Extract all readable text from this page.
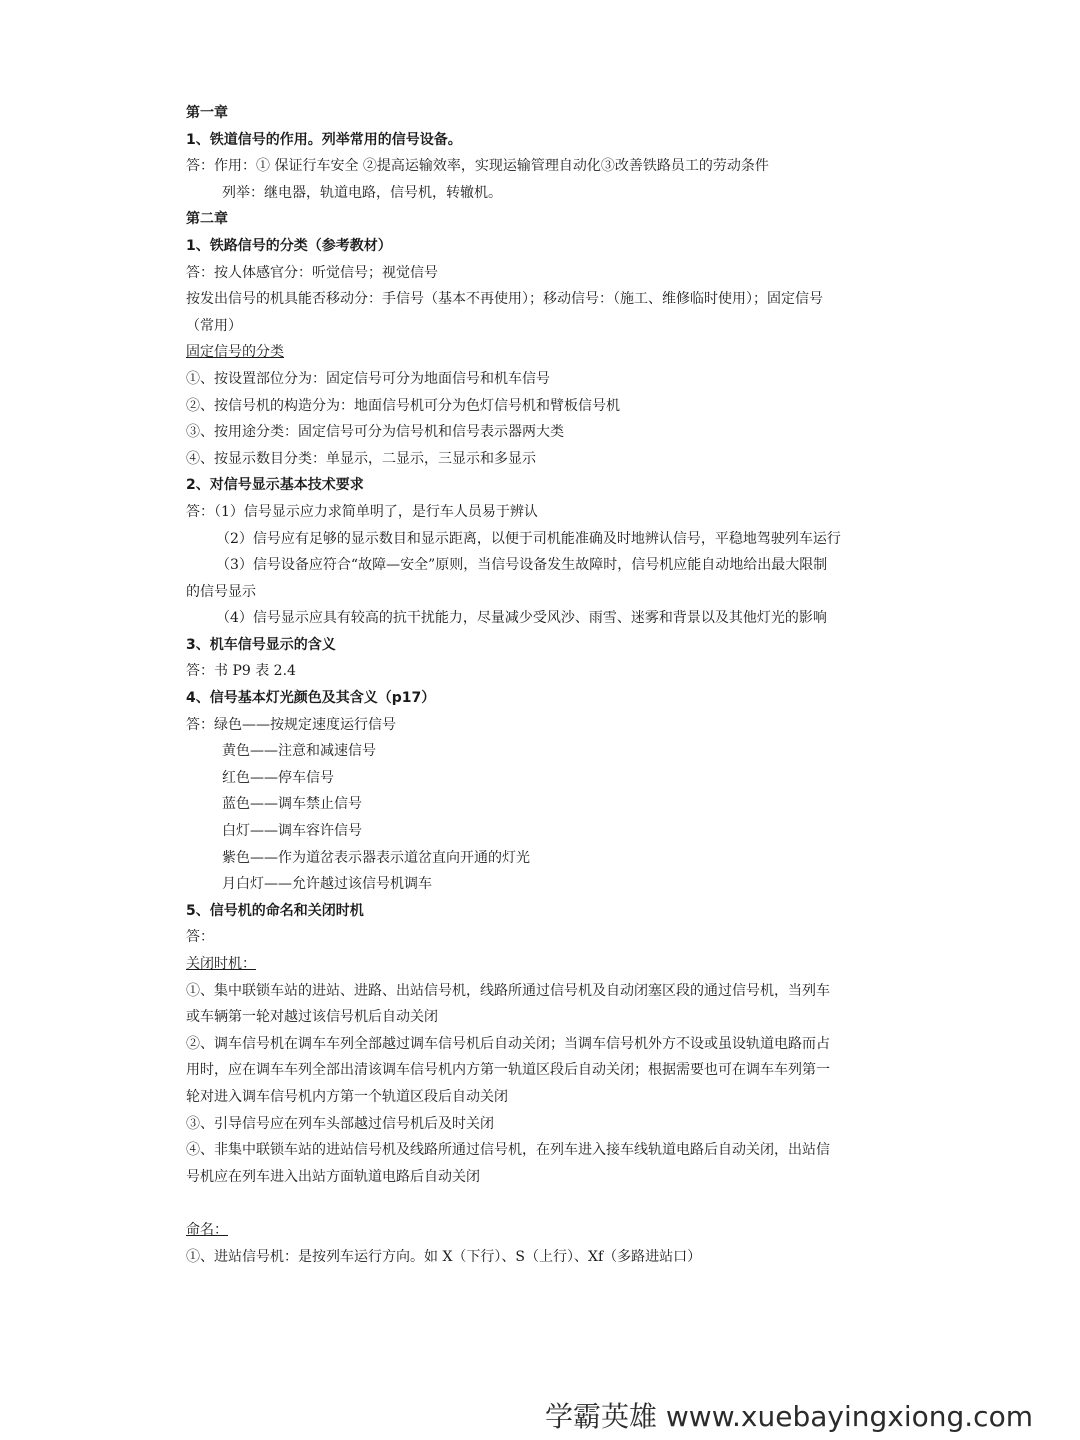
第一章
1、铁道信号的作用。列举常用的信号设备。
答：作用：① 保证行车安全 ②提高运输效率，实现运输管理自动化③改善铁路员工的劳动条件
列举：继电器，轨道电路，信号机，转辙机。
第二章
1、铁路信号的分类（参考教材）
答：按人体感官分：听觉信号；视觉信号
按发出信号的机具能否移动分：手信号（基本不再使用）；移动信号：（施工、维修临时使用）；固定信号
（常用）
固定信号的分类
①、按设置部位分为：固定信号可分为地面信号和机车信号
②、按信号机的构造分为：地面信号机可分为色灯信号机和臂板信号机
③、按用途分类：固定信号可分为信号机和信号表示器两大类
④、按显示数目分类：单显示，二显示，三显示和多显示
2、对信号显示基本技术要求
答：（1）信号显示应力求简单明了，是行车人员易于辨认
（2）信号应有足够的显示数目和显示距离，以便于司机能准确及时地辨认信号，平稳地驾驶列车运行
（3）信号设备应符合“故障—安全”原则，当信号设备发生故障时，信号机应能自动地给出最大限制
的信号显示
（4）信号显示应具有较高的抗干扰能力，尽量减少受风沙、雨雪、迷雾和背景以及其他灯光的影响
3、机车信号显示的含义
答：书 P9 表 2.4
4、信号基本灯光颜色及其含义（p17）
答：绿色——按规定速度运行信号
黄色——注意和减速信号
红色——停车信号
蓝色——调车禁止信号
白灯——调车容许信号
紫色——作为道岔表示器表示道岔直向开通的灯光
月白灯——允许越过该信号机调车
5、信号机的命名和关闭时机
答：
关闭时机：
①、集中联锁车站的进站、进路、出站信号机，线路所通过信号机及自动闭塞区段的通过信号机，当列车
或车辆第一轮对越过该信号机后自动关闭
②、调车信号机在调车车列全部越过调车信号机后自动关闭；当调车信号机外方不设或虽设轨道电路而占
用时，应在调车车列全部出清该调车信号机内方第一轨道区段后自动关闭；根据需要也可在调车车列第一
轮对进入调车信号机内方第一个轨道区段后自动关闭
③、引导信号应在列车头部越过信号机后及时关闭
④、非集中联锁车站的进站信号机及线路所通过信号机，在列车进入接车线轨道电路后自动关闭，出站信
号机应在列车进入出站方面轨道电路后自动关闭
命名：
①、进站信号机：是按列车运行方向。如 X（下行）、S（上行）、Xf（多路进站口）
学霸英雄 www.xuebayingxiong.com
